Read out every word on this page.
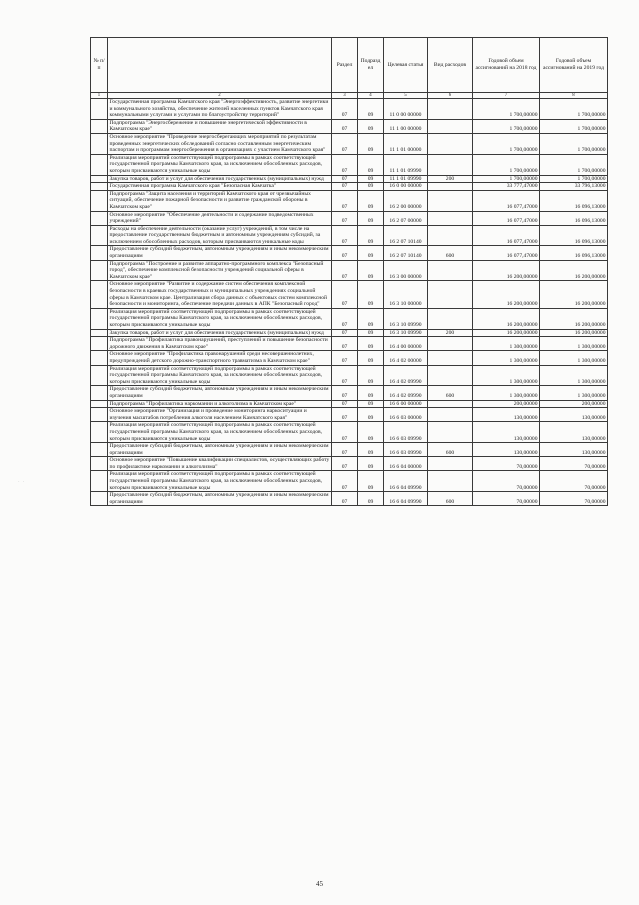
· ·
№ п/п		Раздел	Подраздел	Целевая статья	Вид расходов	Годовой объем ассигнований на 2018 год	Годовой объем ассигнований на 2019 год
1	2	3	4	5	6	7	8
	Государственная программа Камчатского края "Энергоэффективность, развитие энергетики и коммунального хозяйства, обеспечение жителей населенных пунктов Камчатского края коммунальными услугами и услугами по благоустройству территорий"	07	09	11 0 00 00000		1 700,00000	1 700,00000
	Подпрограмма "Энергосбережение и повышение энергетической эффективности в Камчатском крае"	07	09	11 1 00 00000		1 700,00000	1 700,00000
	Основное мероприятие "Проведение энергосберегающих мероприятий по результатам проведенных энергетических обследований согласно составленным энергетическим паспортам и программам энергосбережения в организациях с участием Камчатского края"	07	09	11 1 01 00000		1 700,00000	1 700,00000
	Реализация мероприятий соответствующей подпрограммы в рамках соответствующей государственной программы Камчатского края, за исключением обособленных расходов, которым присваиваются уникальные коды	07	09	11 1 01 09990		1 700,00000	1 700,00000
	Закупка товаров, работ и услуг для обеспечения государственных (муниципальных) нужд	07	09	11 1 01 09990	200	1 700,00000	1 700,00000
	Государственная программа Камчатского края "Безопасная Камчатка"	07	09	16 0 00 00000		33 777,47000	33 796,13000
	Подпрограмма "Защита населения и территорий Камчатского края от чрезвычайных ситуаций, обеспечение пожарной безопасности и развитие гражданской обороны в Камчатском крае"	07	09	16 2 00 00000		16 077,47000	16 096,13000
	Основное мероприятие "Обеспечение деятельности и содержание подведомственных учреждений"	07	09	16 2 07 00000		16 077,47000	16 096,13000
	Расходы на обеспечение деятельности (оказание услуг) учреждений, в том числе на предоставление государственным бюджетным и автономным учреждениям субсидий, за исключением обособленных расходов, которым присваиваются уникальные коды	07	09	16 2 07 10140		16 077,47000	16 096,13000
	Предоставление субсидий бюджетным, автономным учреждениям и иным некоммерческим организациям	07	09	16 2 07 10140	600	16 077,47000	16 096,13000
	Подпрограмма "Построение и развитие аппаратно-программного комплекса "Безопасный город", обеспечение комплексной безопасности учреждений социальной сферы в Камчатском крае"	07	09	16 3 00 00000		16 200,00000	16 200,00000
	Основное мероприятие "Развитие и содержание систем обеспечения комплексной безопасности в краевых государственных и муниципальных учреждениях социальной сферы в Камчатском крае. Централизация сбора данных с объектовых систем комплексной безопасности и мониторинга, обеспечение передачи данных в АПК "Безопасный город"	07	09	16 3 10 00000		16 200,00000	16 200,00000
	Реализация мероприятий соответствующей подпрограммы в рамках соответствующей государственной программы Камчатского края, за исключением обособленных расходов, которым присваиваются уникальные коды	07	09	16 3 10 09990		16 200,00000	16 200,00000
	Закупка товаров, работ и услуг для обеспечения государственных (муниципальных) нужд	07	09	16 3 10 09990	200	16 200,00000	16 200,00000
	Подпрограмма "Профилактика правонарушений, преступлений и повышение безопасности дорожного движения в Камчатском крае"	07	09	16 4 00 00000		1 300,00000	1 300,00000
	Основное мероприятие "Профилактика правонарушений среди несовершеннолетних, предупреждений детского дорожно-транспортного травматизма в Камчатском крае"	07	09	16 4 02 00000		1 300,00000	1 300,00000
	Реализация мероприятий соответствующей подпрограммы в рамках соответствующей государственной программы Камчатского края, за исключением обособленных расходов, которым присваиваются уникальные коды	07	09	16 4 02 09990		1 300,00000	1 300,00000
	Предоставление субсидий бюджетным, автономным учреждениям и иным некоммерческим организациям	07	09	16 4 02 09990	600	1 300,00000	1 300,00000
	Подпрограмма "Профилактика наркомании и алкоголизма в Камчатском крае"	07	09	16 6 00 00000		200,00000	200,00000
	Основное мероприятие "Организация и проведение мониторинга наркоситуации и изучения масштабов потребления алкоголя населением Камчатского края"	07	09	16 6 03 00000		130,00000	130,00000
	Реализация мероприятий соответствующей подпрограммы в рамках соответствующей государственной программы Камчатского края, за исключением обособленных расходов, которым присваиваются уникальные коды	07	09	16 6 03 09990		130,00000	130,00000
	Предоставление субсидий бюджетным, автономным учреждениям и иным некоммерческим организациям	07	09	16 6 03 09990	600	130,00000	130,00000
	Основное мероприятие "Повышение квалификации специалистов, осуществляющих работу по профилактике наркомании и алкоголизма"	07	09	16 6 04 00000		70,00000	70,00000
	Реализация мероприятий соответствующей подпрограммы в рамках соответствующей государственной программы Камчатского края, за исключением обособленных расходов, которым присваиваются уникальные коды	07	09	16 6 04 09990		70,00000	70,00000
	Предоставление субсидий бюджетным, автономным учреждениям и иным некоммерческим организациям	07	09	16 6 04 09990	600	70,00000	70,00000
45
